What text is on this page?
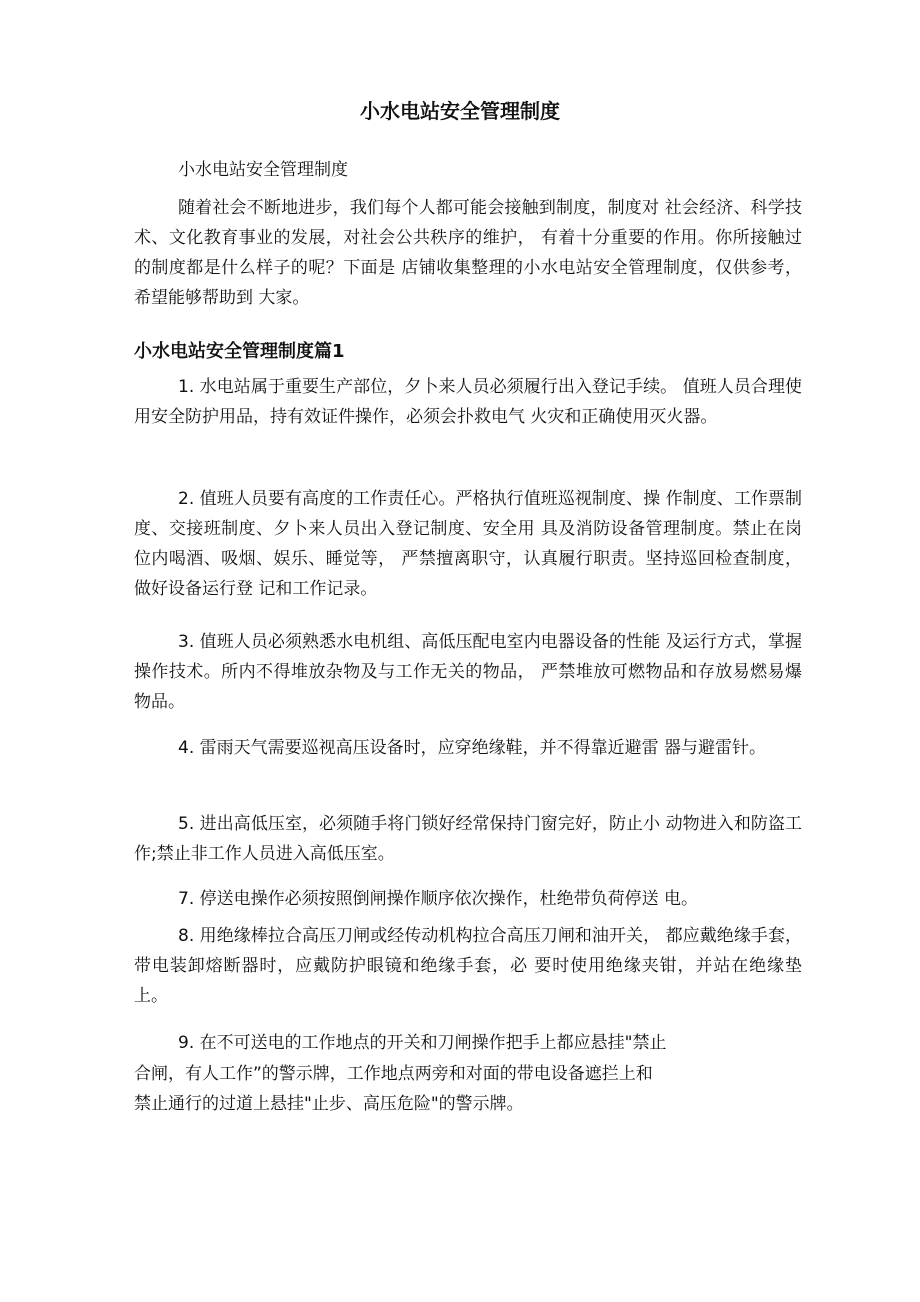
小水电站安全管理制度

小水电站安全管理制度

随着社会不断地进步，我们每个人都可能会接触到制度，制度对 社会经济、科学技术、文化教育事业的发展，对社会公共秩序的维护， 有着十分重要的作用。你所接触过的制度都是什么样子的呢？下面是 店铺收集整理的小水电站安全管理制度，仅供参考，希望能够帮助到 大家。

小水电站安全管理制度篇1

1. 水电站属于重要生产部位，夕卜来人员必须履行出入登记手续。 值班人员合理使用安全防护用品，持有效证件操作，必须会扑救电气 火灾和正确使用灭火器。

2. 值班人员要有高度的工作责任心。严格执行值班巡视制度、操 作制度、工作票制度、交接班制度、夕卜来人员出入登记制度、安全用 具及消防设备管理制度。禁止在岗位内喝酒、吸烟、娱乐、睡觉等， 严禁擅离职守，认真履行职责。坚持巡回检查制度，做好设备运行登 记和工作记录。

3. 值班人员必须熟悉水电机组、高低压配电室内电器设备的性能 及运行方式，掌握操作技术。所内不得堆放杂物及与工作无关的物品， 严禁堆放可燃物品和存放易燃易爆物品。

4. 雷雨天气需要巡视高压设备时，应穿绝缘鞋，并不得靠近避雷 器与避雷针。

5. 进出高低压室，必须随手将门锁好经常保持门窗完好，防止小 动物进入和防盗工作;禁止非工作人员进入高低压室。

7. 停送电操作必须按照倒闸操作顺序依次操作，杜绝带负荷停送 电。

8. 用绝缘棒拉合高压刀闸或经传动机构拉合高压刀闸和油开关， 都应戴绝缘手套，带电装卸熔断器时，应戴防护眼镜和绝缘手套，必 要时使用绝缘夹钳，并站在绝缘垫上。

9. 在不可送电的工作地点的开关和刀闸操作把手上都应悬挂"禁止
合闸，有人工作”的警示牌，工作地点两旁和对面的带电设备遮拦上和
禁止通行的过道上悬挂"止步、高压危险"的警示牌。
